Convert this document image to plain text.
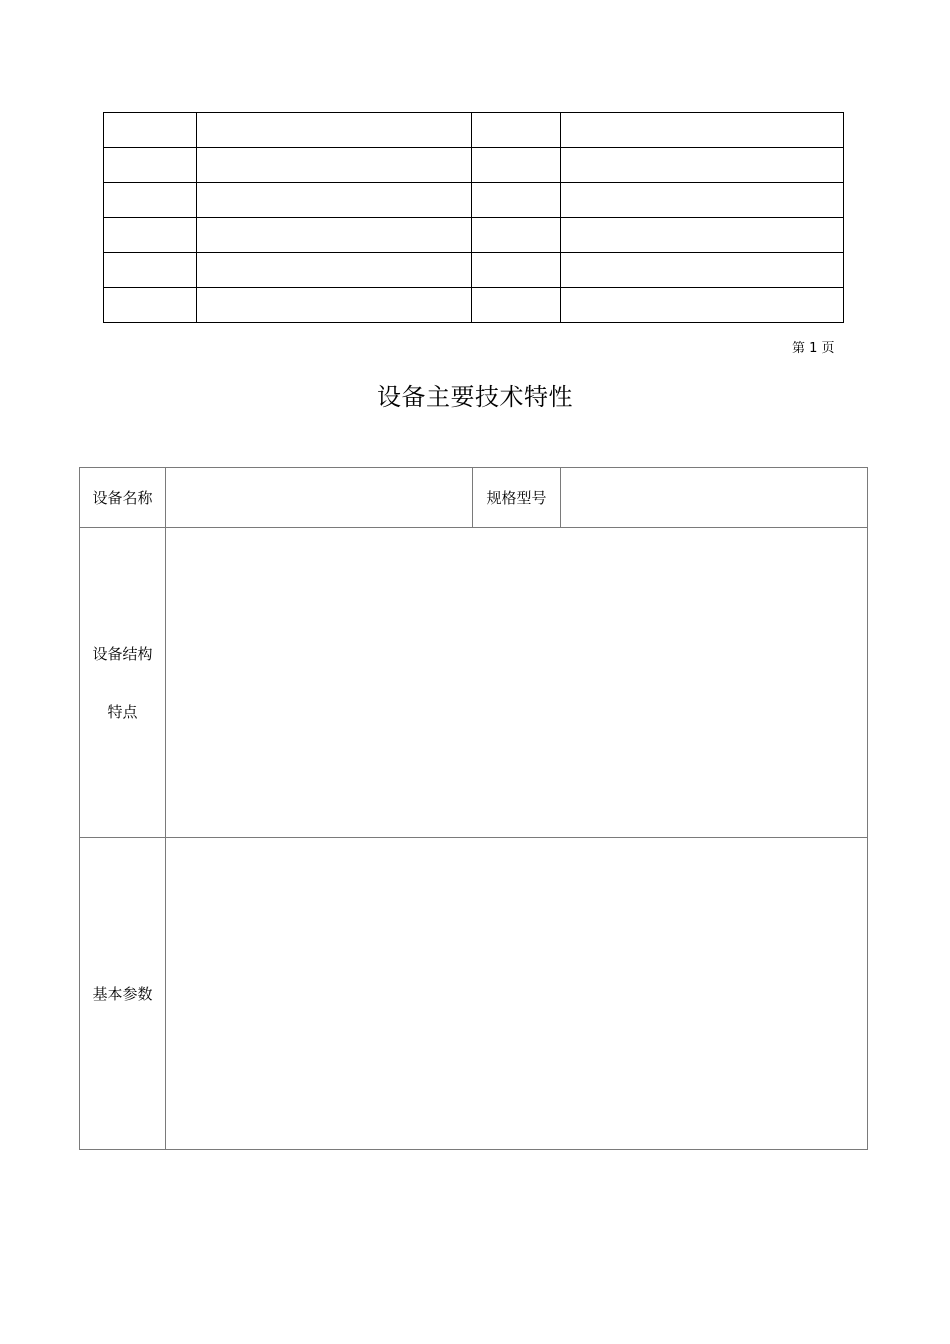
第 1 页
设备主要技术特性
设备名称		规格型号	

设备结构
特点			

基本参数			
